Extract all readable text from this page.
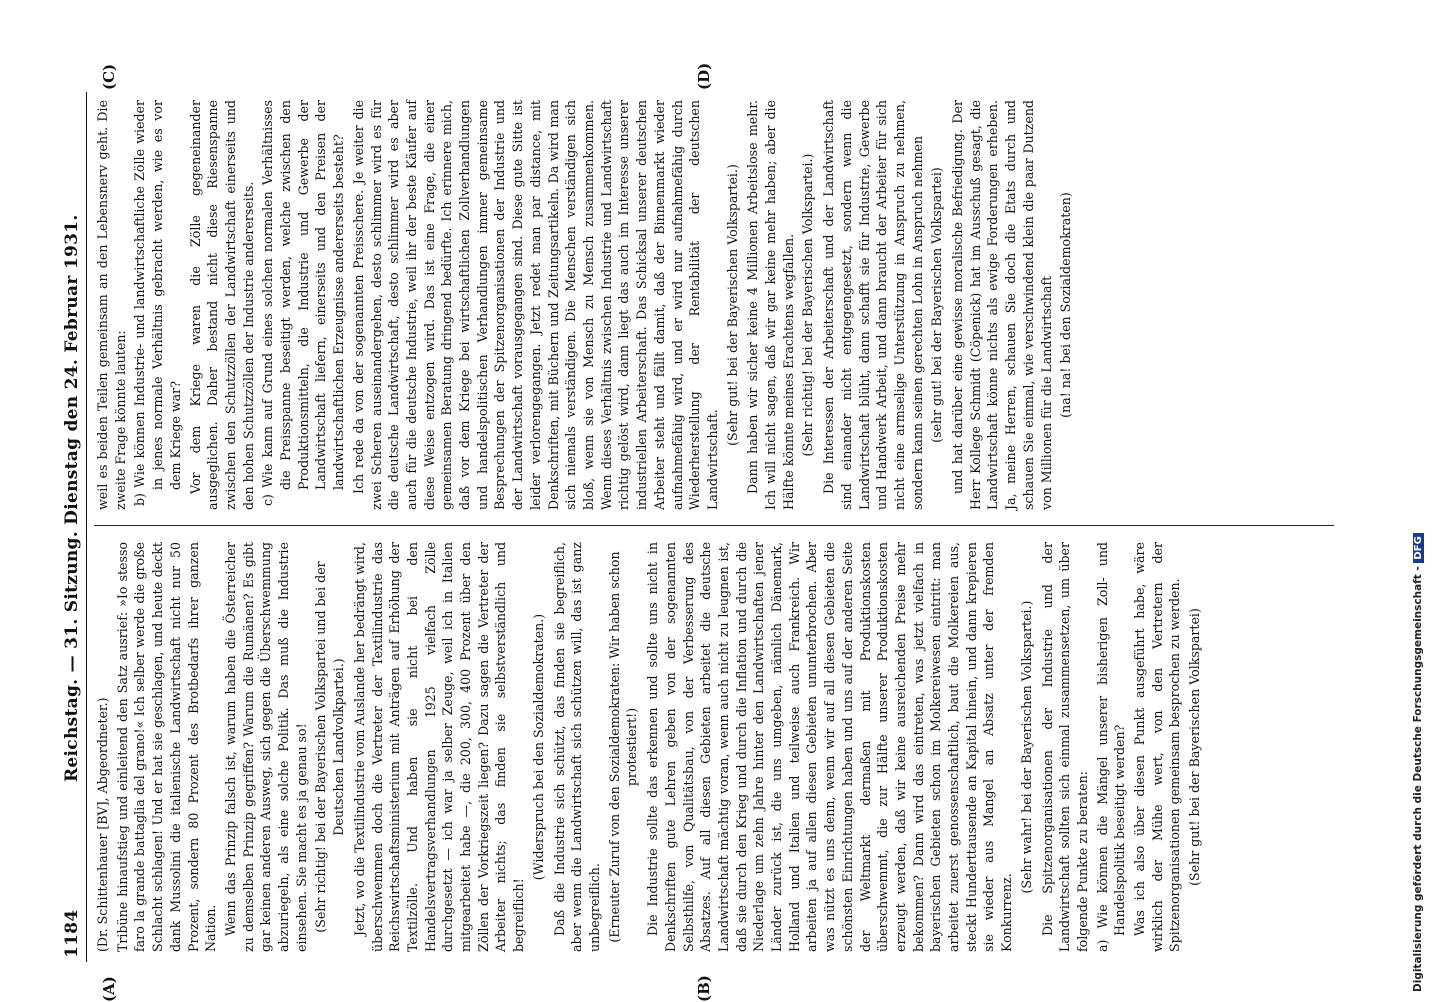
1184
Reichstag. — 31. Sitzung. Dienstag den 24. Februar 1931.

(Dr. Schittenhauer [BV], Abgeordneter.) Tribüne hinaufstieg und einleitend den Satz ausrief: »Io stesso faro la grande battaglia del grano!« Ich selber werde die große Schlacht schlagen! Und er hat sie geschlagen, und heute deckt dank Mussolini die italienische Landwirtschaft nicht nur 50 Prozent, sondern 80 Prozent des Brotbedarfs ihrer ganzen Nation. Wenn das Prinzip falsch ist, warum haben die Österreicher zu demselben Prinzip gegriffen? Warum die Rumänen? Es gibt gar keinen anderen Ausweg, sich gegen die Überschwemmung abzuriegeln, als eine solche Politik. Das muß die Industrie einsehen. Sie macht es ja genau so! (Sehr richtig! bei der Bayerischen Volkspartei und bei der Deutschen Landvolkpartei.) Jetzt, wo die Textilindustrie vom Auslande her bedrängt wird, überschwemmen doch die Vertreter der Textilindustrie das Reichswirtschaftsministerium mit Anträgen auf Erhöhung der Textilzölle. Und haben sie nicht bei den Handelsvertragsverhandlungen 1925 vielfach Zölle durchgesetzt — ich war ja selber Zeuge, weil ich in Italien mitgearbeitet habe —, die 200, 300, 400 Prozent über den Zöllen der Vorkriegszeit liegen? Dazu sagen die Vertreter der Arbeiter nichts; das finden sie selbstverständlich und begreiflich!

(Widerspruch bei den Sozialdemokraten.) Daß die Industrie sich schützt, das finden sie begreiflich, aber wenn die Landwirtschaft sich schützen will, das ist ganz unbegreiflich. (Erneuter Zuruf von den Sozialdemokraten: Wir haben schon protestiert!) Die Industrie sollte das erkennen und sollte uns nicht in Denkschriften gute Lehren geben von der sogenannten Selbsthilfe, von Qualitätsbau, von der Verbesserung des Absatzes. Auf all diesen Gebieten arbeitet die deutsche Landwirtschaft mächtig voran, wenn auch nicht zu leugnen ist, daß sie durch den Krieg und durch die Inflation und durch die Niederlage um zehn Jahre hinter den Landwirtschaften jener Länder zurück ist, die uns umgeben, nämlich Dänemark, Holland und Italien und teilweise auch Frankreich. Wir arbeiten ja auf allen diesen Gebieten ununterbrochen. Aber was nützt es uns denn, wenn wir auf all diesen Gebieten die schönsten Einrichtungen haben und uns auf der anderen Seite der Weltmarkt dermaßen mit Produktionskosten überschwemmt, die zur Hälfte unserer Produktionskosten erzeugt werden, daß wir keine ausreichenden Preise mehr bekommen? Dann wird das eintreten, was jetzt vielfach in bayerischen Gebieten schon im Molkereiwesen eintritt: man arbeitet zuerst genossenschaftlich, baut die Molkereien aus, steckt Hunderttausende an Kapital hinein, und dann krepieren sie wieder aus Mangel an Absatz unter der fremden Konkurrenz.

(Sehr wahr! bei der Bayerischen Volkspartei.) Die Spitzenorganisationen der Industrie und der Landwirtschaft sollten sich einmal zusammensetzen, um über folgende Punkte zu beraten: a) Wie können die Mängel unserer bisherigen Zoll- und Handelspolitik beseitigt werden? Was ich also über diesen Punkt ausgeführt habe, wäre wirklich der Mühe wert, von den Vertretern der Spitzenorganisationen gemeinsam besprochen zu werden. (Sehr gut! bei der Bayerischen Volkspartei)

weil es beiden Teilen gemeinsam an den Lebensnerv geht. Die zweite Frage könnte lauten: b) Wie können Industrie- und landwirtschaftliche Zölle wieder in jenes normale Verhältnis gebracht werden, wie es vor dem Kriege war? Vor dem Kriege waren die Zölle gegeneinander ausgeglichen. Daher bestand nicht diese Riesenspanne zwischen den Schutzzöllen der Landwirtschaft einerseits und den hohen Schutzzöllen der Industrie andererseits. c) Wie kann auf Grund eines solchen normalen Verhältnisses die Preisspanne beseitigt werden, welche zwischen den Produktionsmitteln, die Industrie und Gewerbe der Landwirtschaft liefern, einerseits und den Preisen der landwirtschaftlichen Erzeugnisse andererseits besteht? Ich rede da von der sogenannten Preisschere. Je weiter die zwei Scheren auseinandergehen, desto schlimmer wird es für die deutsche Landwirtschaft, desto schlimmer wird es aber auch für die deutsche Industrie, weil ihr der beste Käufer auf diese Weise entzogen wird. Das ist eine Frage, die einer gemeinsamen Beratung dringend bedürfte. Ich erinnere mich, daß vor dem Kriege bei wirtschaftlichen Zollverhandlungen und handelspolitischen Verhandlungen immer gemeinsame Besprechungen der Spitzenorganisationen der Industrie und der Landwirtschaft vorausgegangen sind. Diese gute Sitte ist leider verlorengegangen. Jetzt redet man par distance, mit Denkschriften, mit Büchern und Zeitungsartikeln. Da wird man sich niemals verständigen. Die Menschen verständigen sich bloß, wenn sie von Mensch zu Mensch zusammenkommen. Wenn dieses Verhältnis zwischen Industrie und Landwirtschaft richtig gelöst wird, dann liegt das auch im Interesse unserer industriellen Arbeiterschaft. Das Schicksal unserer deutschen Arbeiter steht und fällt damit, daß der Binnenmarkt wieder aufnahmefähig wird, und er wird nur aufnahmefähig durch Wiederherstellung der Rentabilität der deutschen Landwirtschaft.

(Sehr gut! bei der Bayerischen Volkspartei.) Dann haben wir sicher keine 4 Millionen Arbeitslose mehr. Ich will nicht sagen, daß wir gar keine mehr haben; aber die Hälfte könnte meines Erachtens wegfallen. (Sehr richtig! bei der Bayerischen Volkspartei.) Die Interessen der Arbeiterschaft und der Landwirtschaft sind einander nicht entgegengesetzt, sondern wenn die Landwirtschaft blüht, dann schafft sie für Industrie, Gewerbe und Handwerk Arbeit, und dann braucht der Arbeiter für sich nicht eine armselige Unterstützung in Anspruch zu nehmen, sondern kann seinen gerechten Lohn in Anspruch nehmen (sehr gut! bei der Bayerischen Volkspartei) und hat darüber eine gewisse moralische Befriedigung. Der Herr Kollege Schmidt (Cöpenick) hat im Ausschuß gesagt, die Landwirtschaft könne nichts als ewige Forderungen erheben. Ja, meine Herren, schauen Sie doch die Etats durch und schauen Sie einmal, wie verschwindend klein die paar Dutzend von Millionen für die Landwirtschaft (na! na! bei den Sozialdemokraten)

(A)	(B)
(C)	(D)
Digitalisierung gefördert durch die Deutsche Forschungsgemeinschaft - DFG
